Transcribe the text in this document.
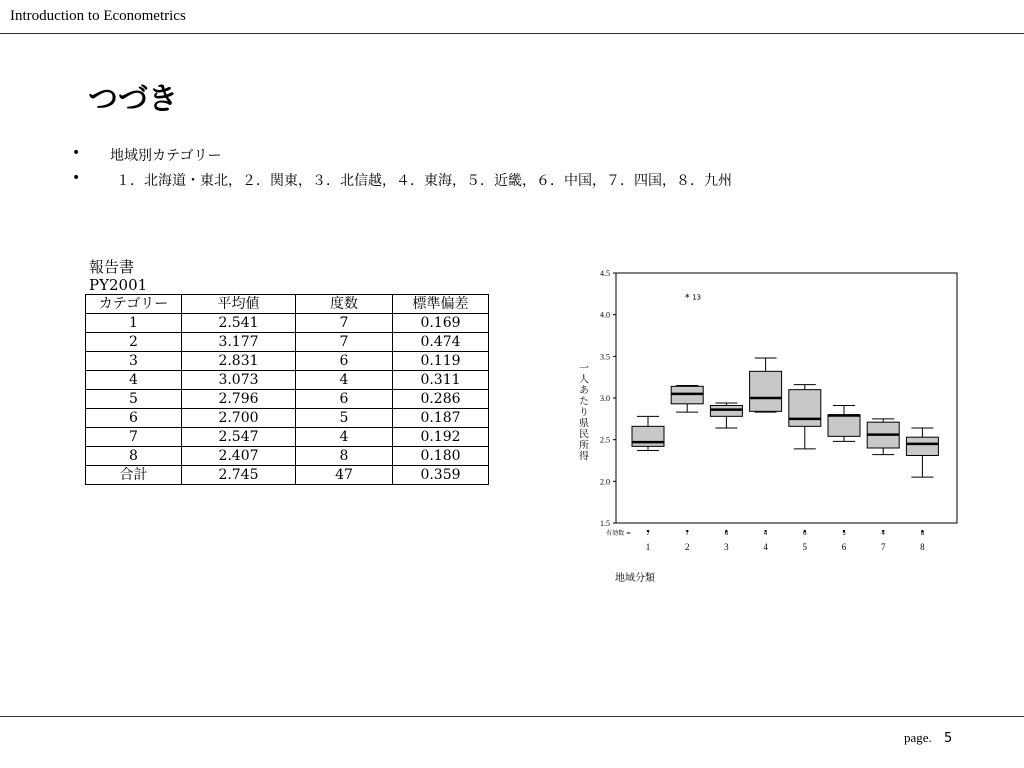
Introduction to Econometrics
つづき
• 地域別カテゴリー
•	１．北海道・東北，２．関東，３．北信越，４．東海，５．近畿，６．中国，７．四国，８．九州
報告書
PY2001
カテゴリー	平均値	度数	標準偏差
1	2.541	7	0.169
2	3.177	7	0.474
3	2.831	6	0.119
4	3.073	4	0.311
5	2.796	6	0.286
6	2.700	5	0.187
7	2.547	4	0.192
8	2.407	8	0.180
合計	2.745	47	0.359
1.5
2.0
2.5
3.0
3.5
4.0
4.5
一人あたり県民所得
7
1
7
2
6
3
4
4
6
5
5
6
4
7
8
8
有効数 =
* 13
地域分類
page. 5
